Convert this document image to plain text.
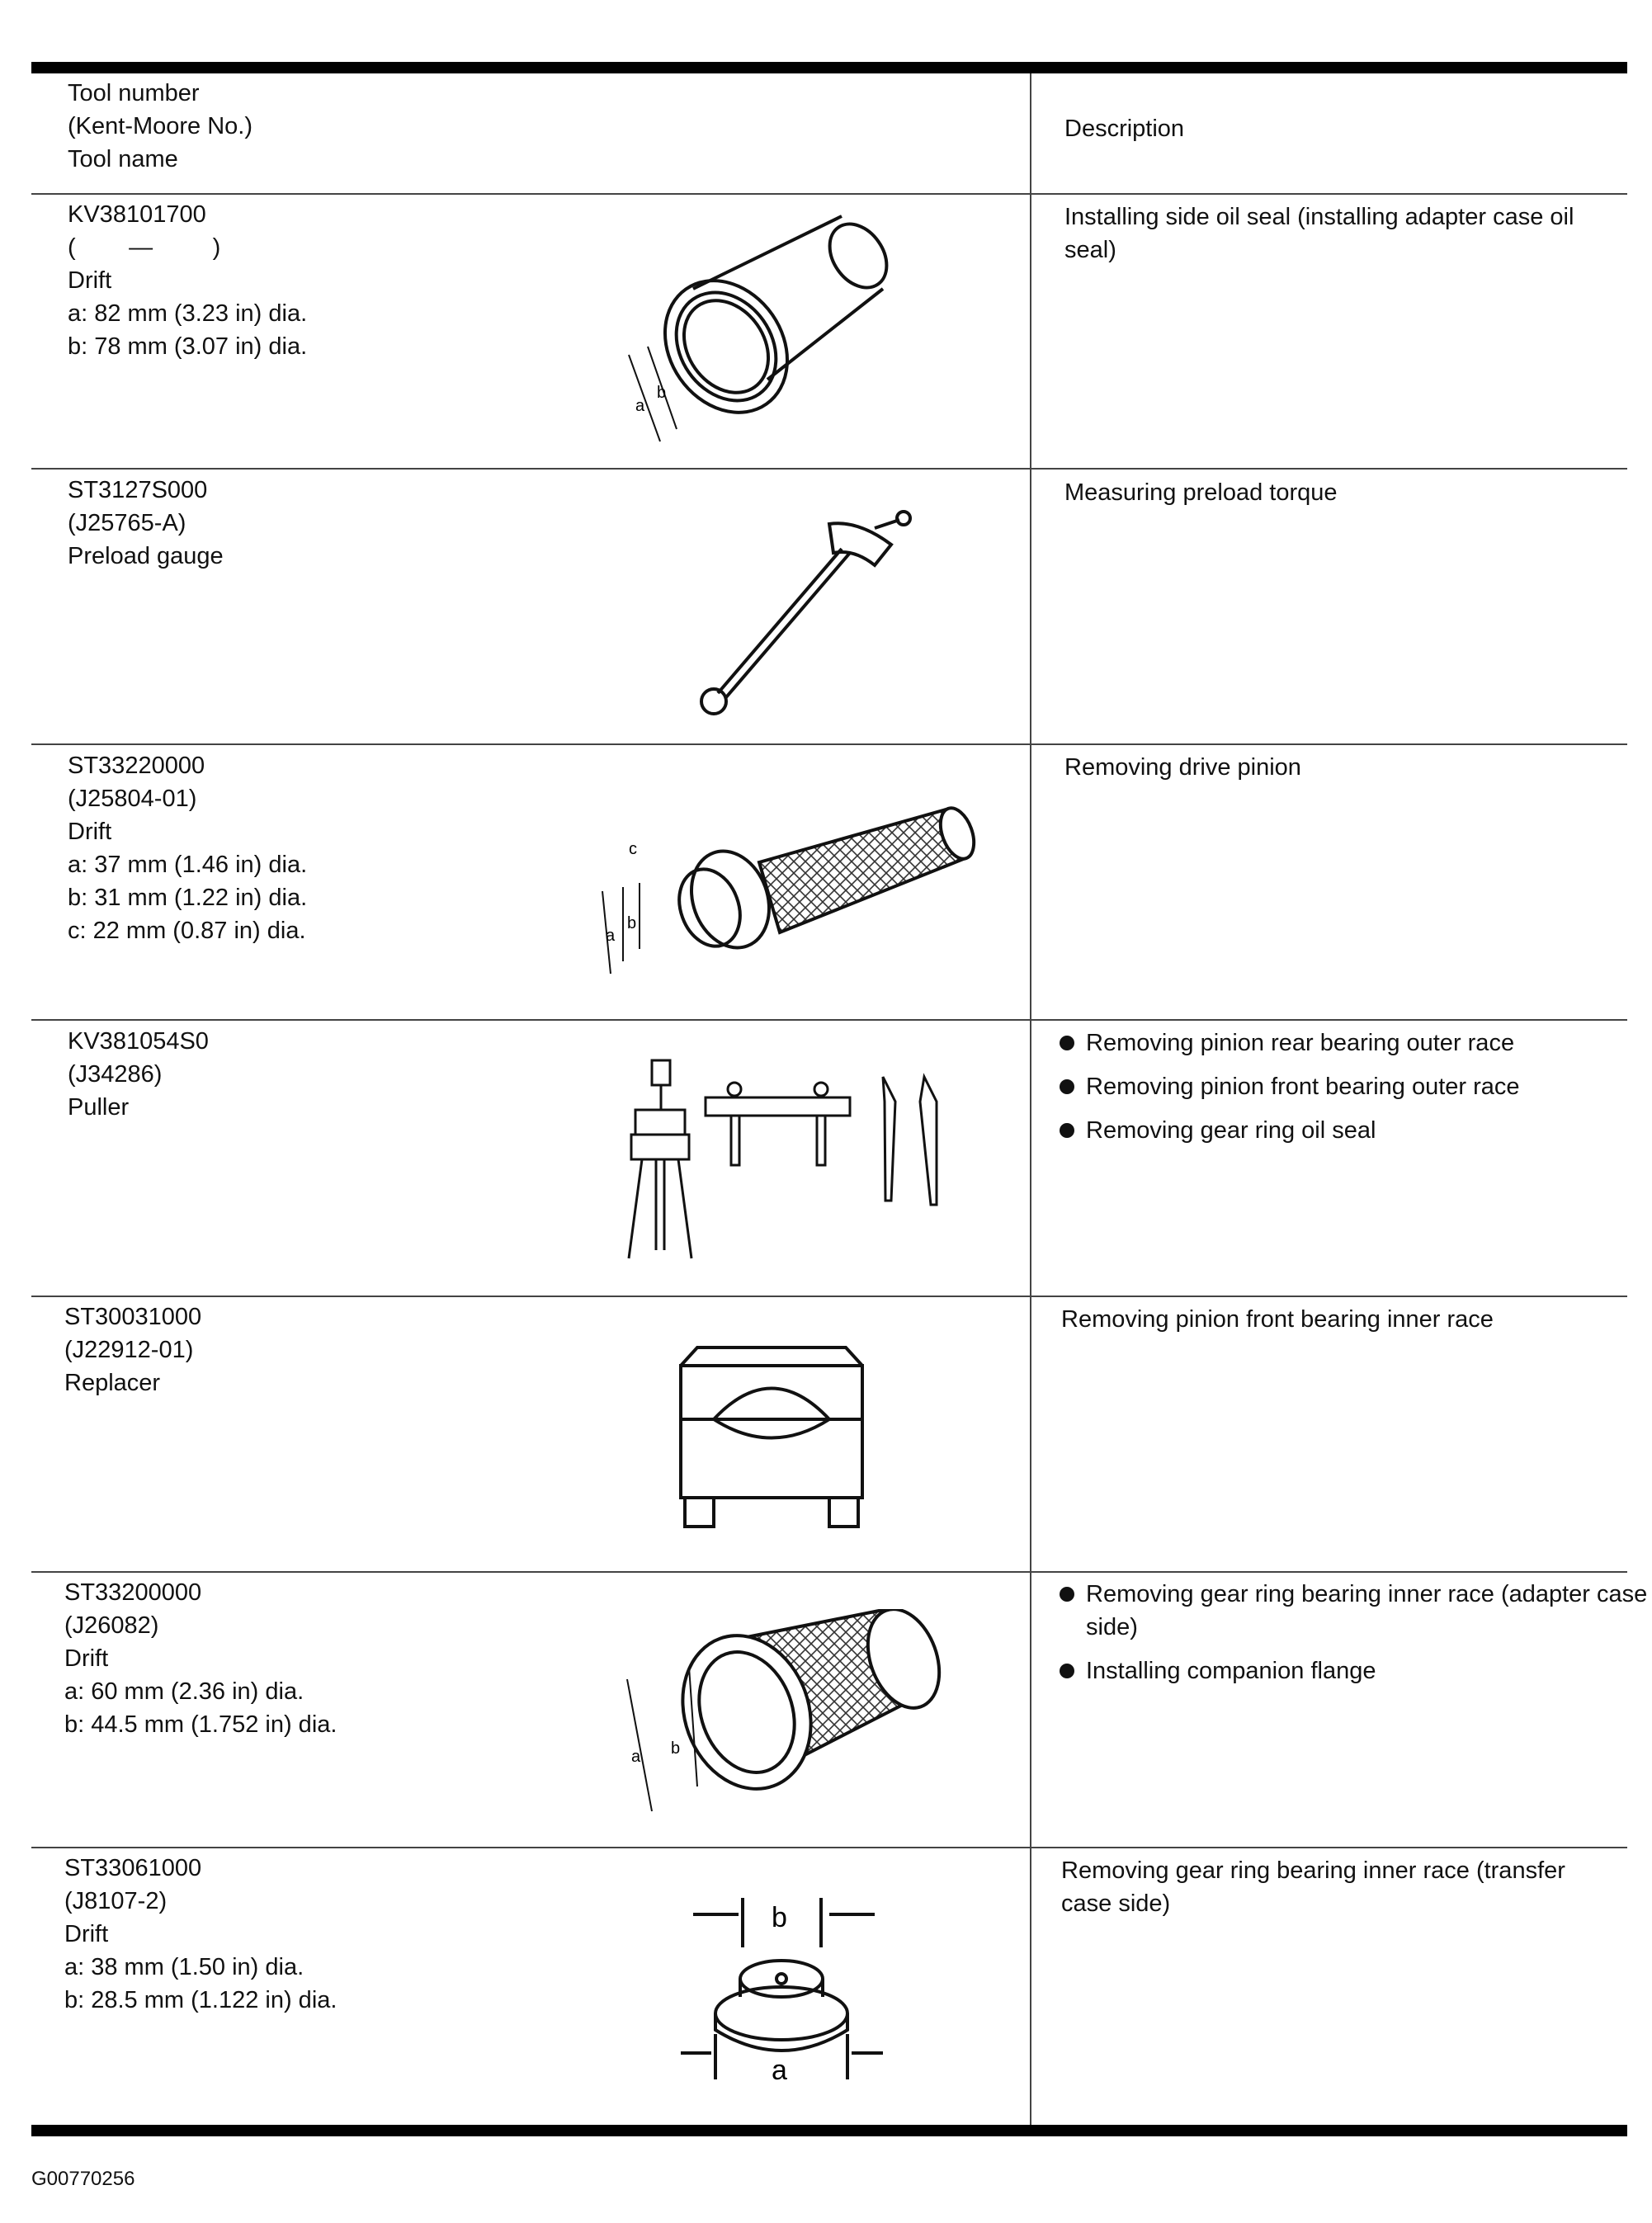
Tool number
(Kent-Moore No.)
Tool name
Description
KV38101700
(        —         )
Drift
a: 82 mm (3.23 in) dia.
b: 78 mm (3.07 in) dia.
Installing side oil seal (installing adapter case oil seal)
a
b
ST3127S000
(J25765-A)
Preload gauge
Measuring preload torque
ST33220000
(J25804-01)
Drift
a: 37 mm (1.46 in) dia.
b: 31 mm (1.22 in) dia.
c: 22 mm (0.87 in) dia.
Removing drive pinion
a
b
c
KV381054S0
(J34286)
Puller
Removing pinion rear bearing outer race
Removing pinion front bearing outer race
Removing gear ring oil seal
ST30031000
(J22912-01)
Replacer
Removing pinion front bearing inner race
ST33200000
(J26082)
Drift
a: 60 mm (2.36 in) dia.
b: 44.5 mm (1.752 in) dia.
Removing gear ring bearing inner race (adapter case side)
Installing companion flange
a b
ST33061000
(J8107-2)
Drift
a: 38 mm (1.50 in) dia.
b: 28.5 mm (1.122 in) dia.
Removing gear ring bearing inner race (transfer case side)
b
a
G00770256
